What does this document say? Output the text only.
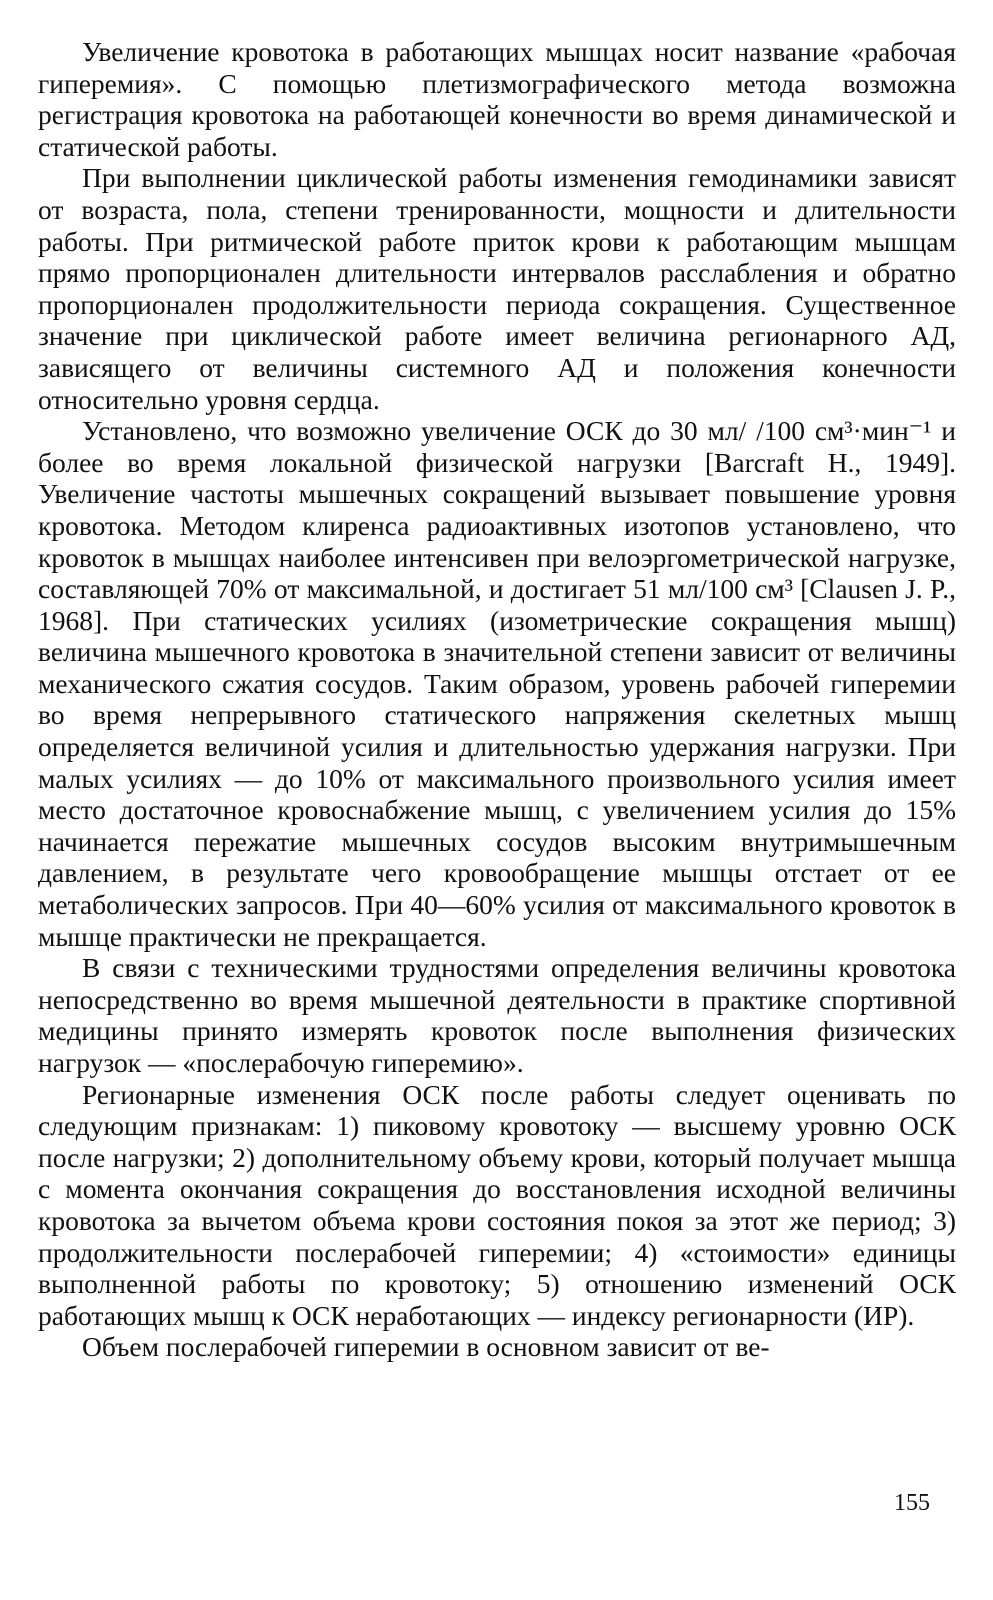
Увеличение кровотока в работающих мышцах носит название «рабочая гиперемия». С помощью плетизмографического метода возможна регистрация кровотока на работающей конечности во время динамической и статической работы.

При выполнении циклической работы изменения гемодинамики зависят от возраста, пола, степени тренированности, мощности и длительности работы. При ритмической работе приток крови к работающим мышцам прямо пропорционален длительности интервалов расслабления и обратно пропорционален продолжительности периода сокращения. Существенное значение при циклической работе имеет величина регионарного АД, зависящего от величины системного АД и положения конечности относительно уровня сердца.

Установлено, что возможно увеличение ОСК до 30 мл/ /100 см³·мин⁻¹ и более во время локальной физической нагрузки [Barcraft H., 1949]. Увеличение частоты мышечных сокращений вызывает повышение уровня кровотока. Методом клиренса радиоактивных изотопов установлено, что кровоток в мышцах наиболее интенсивен при велоэргометрической нагрузке, составляющей 70% от максимальной, и достигает 51 мл/100 см³ [Clausen J. P., 1968]. При статических усилиях (изометрические сокращения мышц) величина мышечного кровотока в значительной степени зависит от величины механического сжатия сосудов. Таким образом, уровень рабочей гиперемии во время непрерывного статического напряжения скелетных мышц определяется величиной усилия и длительностью удержания нагрузки. При малых усилиях — до 10% от максимального произвольного усилия имеет место достаточное кровоснабжение мышц, с увеличением усилия до 15% начинается пережатие мышечных сосудов высоким внутримышечным давлением, в результате чего кровообращение мышцы отстает от ее метаболических запросов. При 40—60% усилия от максимального кровоток в мышце практически не прекращается.

В связи с техническими трудностями определения величины кровотока непосредственно во время мышечной деятельности в практике спортивной медицины принято измерять кровоток после выполнения физических нагрузок — «послерабочую гиперемию».

Регионарные изменения ОСК после работы следует оценивать по следующим признакам: 1) пиковому кровотоку — высшему уровню ОСК после нагрузки; 2) дополнительному объему крови, который получает мышца с момента окончания сокращения до восстановления исходной величины кровотока за вычетом объема крови состояния покоя за этот же период; 3) продолжительности послерабочей гиперемии; 4) «стоимости» единицы выполненной работы по кровотоку; 5) отношению изменений ОСК работающих мышц к ОСК неработающих — индексу регионарности (ИР).

Объем послерабочей гиперемии в основном зависит от ве-

155
